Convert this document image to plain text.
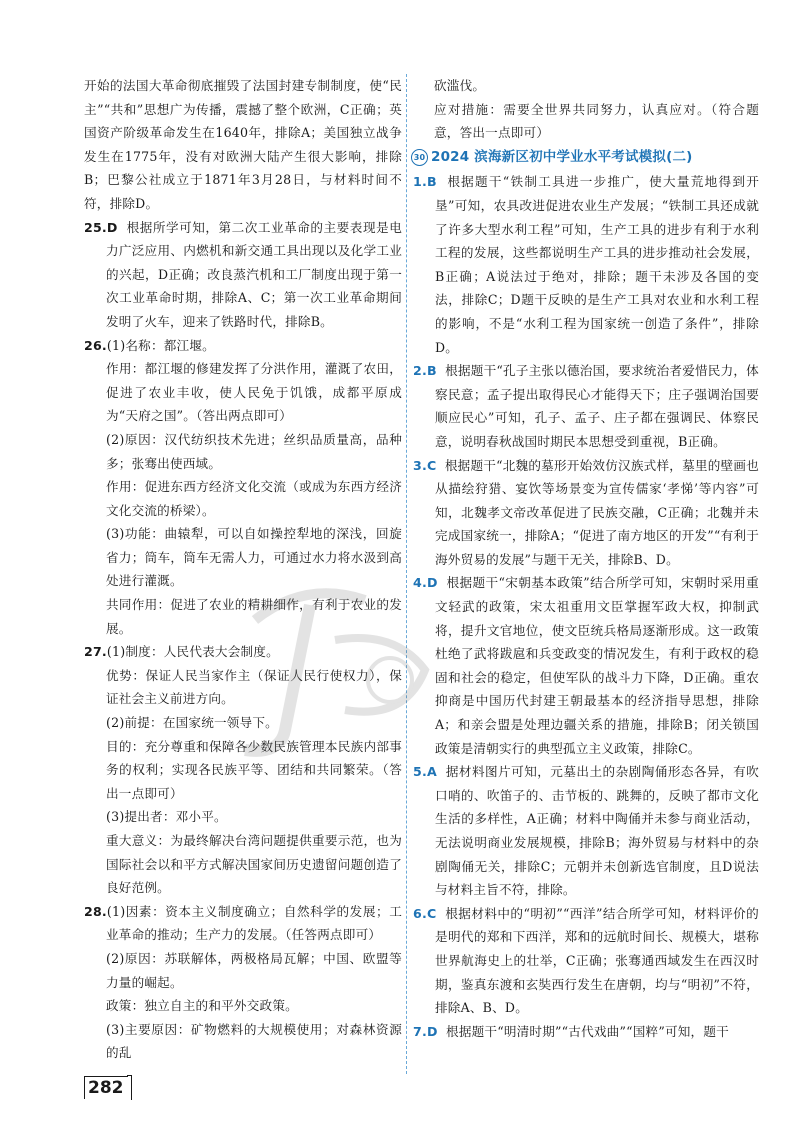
开始的法国大革命彻底摧毁了法国封建专制制度，使“民主”“共和”思想广为传播，震撼了整个欧洲，C正确；英国资产阶级革命发生在1640年，排除A；美国独立战争发生在1775年，没有对欧洲大陆产生很大影响，排除B；巴黎公社成立于1871年3月28日，与材料时间不符，排除D。

25.D 根据所学可知，第二次工业革命的主要表现是电力广泛应用、内燃机和新交通工具出现以及化学工业的兴起，D正确；改良蒸汽机和工厂制度出现于第一次工业革命时期，排除A、C；第一次工业革命期间发明了火车，迎来了铁路时代，排除B。

26.(1)名称：都江堰。

作用：都江堰的修建发挥了分洪作用，灌溉了农田，促进了农业丰收，使人民免于饥饿，成都平原成为“天府之国”。（答出两点即可）

(2)原因：汉代纺织技术先进；丝织品质量高，品种多；张骞出使西域。

作用：促进东西方经济文化交流（或成为东西方经济文化交流的桥梁）。

(3)功能：曲辕犁，可以自如操控犁地的深浅，回旋省力；筒车，筒车无需人力，可通过水力将水汲到高处进行灌溉。

共同作用：促进了农业的精耕细作，有利于农业的发展。

27.(1)制度：人民代表大会制度。

优势：保证人民当家作主（保证人民行使权力），保证社会主义前进方向。

(2)前提：在国家统一领导下。

目的：充分尊重和保障各少数民族管理本民族内部事务的权利；实现各民族平等、团结和共同繁荣。（答出一点即可）

(3)提出者：邓小平。

重大意义：为最终解决台湾问题提供重要示范，也为国际社会以和平方式解决国家间历史遗留问题创造了良好范例。

28.(1)因素：资本主义制度确立；自然科学的发展；工业革命的推动；生产力的发展。（任答两点即可）

(2)原因：苏联解体，两极格局瓦解；中国、欧盟等力量的崛起。

政策：独立自主的和平外交政策。

(3)主要原因：矿物燃料的大规模使用；对森林资源的乱

砍滥伐。

应对措施：需要全世界共同努力，认真应对。（符合题意，答出一点即可）

30 2024 滨海新区初中学业水平考试模拟(二)

1.B 根据题干“铁制工具进一步推广，使大量荒地得到开垦”可知，农具改进促进农业生产发展；“铁制工具还成就了许多大型水利工程”可知，生产工具的进步有利于水利工程的发展，这些都说明生产工具的进步推动社会发展，B正确；A说法过于绝对，排除；题干未涉及各国的变法，排除C；D题干反映的是生产工具对农业和水利工程的影响，不是“水利工程为国家统一创造了条件”，排除D。

2.B 根据题干“孔子主张以德治国，要求统治者爱惜民力，体察民意；孟子提出取得民心才能得天下；庄子强调治国要顺应民心”可知，孔子、孟子、庄子都在强调民、体察民意，说明春秋战国时期民本思想受到重视，B正确。

3.C 根据题干“北魏的墓形开始效仿汉族式样，墓里的壁画也从描绘狩猎、宴饮等场景变为宣传儒家‘孝悌’等内容”可知，北魏孝文帝改革促进了民族交融，C正确；北魏并未完成国家统一，排除A；“促进了南方地区的开发”“有利于海外贸易的发展”与题干无关，排除B、D。

4.D 根据题干“宋朝基本政策”结合所学可知，宋朝时采用重文轻武的政策，宋太祖重用文臣掌握军政大权，抑制武将，提升文官地位，使文臣统兵格局逐渐形成。这一政策杜绝了武将跋扈和兵变政变的情况发生，有利于政权的稳固和社会的稳定，但使军队的战斗力下降，D正确。重农抑商是中国历代封建王朝最基本的经济指导思想，排除A；和亲会盟是处理边疆关系的措施，排除B；闭关锁国政策是清朝实行的典型孤立主义政策，排除C。

5.A 据材料图片可知，元墓出土的杂剧陶俑形态各异，有吹口哨的、吹笛子的、击节板的、跳舞的，反映了都市文化生活的多样性，A正确；材料中陶俑并未参与商业活动，无法说明商业发展规模，排除B；海外贸易与材料中的杂剧陶俑无关，排除C；元朝并未创新选官制度，且D说法与材料主旨不符，排除。

6.C 根据材料中的“明初”“西洋”结合所学可知，材料评价的是明代的郑和下西洋，郑和的远航时间长、规模大，堪称世界航海史上的壮举，C正确；张骞通西域发生在西汉时期，鉴真东渡和玄奘西行发生在唐朝，均与“明初”不符，排除A、B、D。

7.D 根据题干“明清时期”“古代戏曲”“国粹”可知，题干

282
